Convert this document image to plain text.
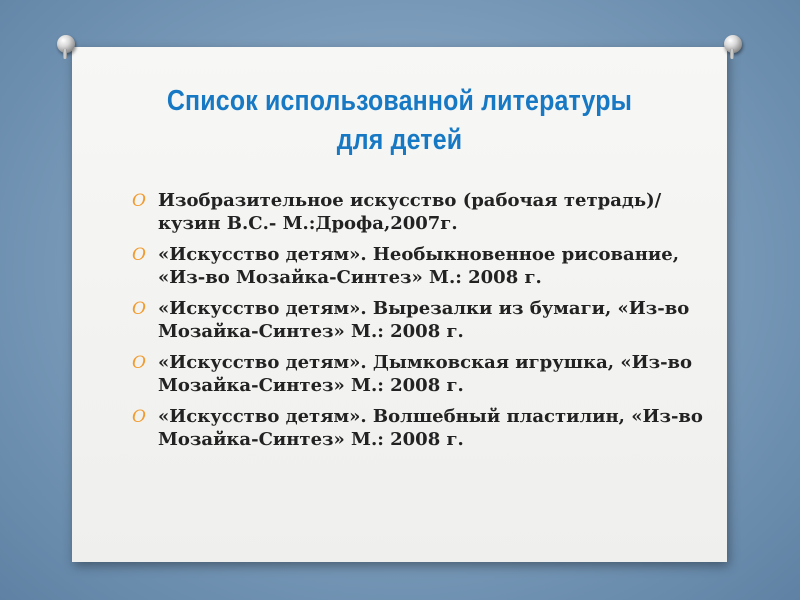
Список использованной литературы
для детей
O Изобразительное искусство (рабочая тетрадь)/кузин В.С.- М.:Дрофа,2007г.
O «Искусство детям». Необыкновенное рисование, «Из-во Мозайка-Синтез» М.: 2008 г.
O «Искусство детям». Вырезалки из бумаги, «Из-во Мозайка-Синтез» М.: 2008 г.
O «Искусство детям». Дымковская игрушка, «Из-во Мозайка-Синтез» М.: 2008 г.
O «Искусство детям». Волшебный пластилин, «Из-во Мозайка-Синтез» М.: 2008 г.
